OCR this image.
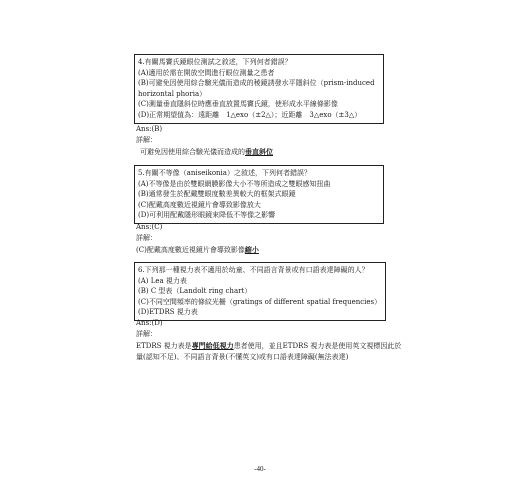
4.有關馬竇氏鏡眼位測試之敘述，下列何者錯誤？
(A)適用於需在開放空間進行眼位測量之患者
(B)可避免因使用綜合驗光儀而造成的稜鏡誘發水平隱斜位（prism-induced
horizontal phoria）
(C)測量垂直隱斜位時應垂直放置馬竇氏鏡，使形成水平線條影像
(D)正常期望值為：遠距離　1△exo（±2△）；近距離　3△exo（±3△）
Ans:(B)
詳解：
可避免因使用綜合驗光儀而造成的垂直斜位
5.有關不等像（aniseikonia）之敘述，下列何者錯誤？
(A)不等像是由於雙眼網膜影像大小不等所造成之雙眼感知扭曲
(B)通常發生於配戴雙眼度數差異較大的框架式眼鏡
(C)配戴高度數近視鏡片會導致影像放大
(D)可利用配戴隱形眼鏡來降低不等像之影響
Ans:(C)
詳解：
(C)配戴高度數近視鏡片會導致影像縮小
6.下列那一種視力表不適用於幼童、不同語言背景或有口語表達障礙的人？
(A) Lea 視力表
(B) C 型表（Landolt ring chart）
(C)不同空間頻率的條紋光柵（gratings of different spatial frequencies）
(D)ETDRS 視力表
Ans:(D)
詳解：
ETDRS 視力表是專門給低視力患者使用，並且ETDRS 視力表是使用英文視標因此於
量(認知不足)、不同語言背景(不懂英文)或有口語表達障礙(無法表達)
-40-
